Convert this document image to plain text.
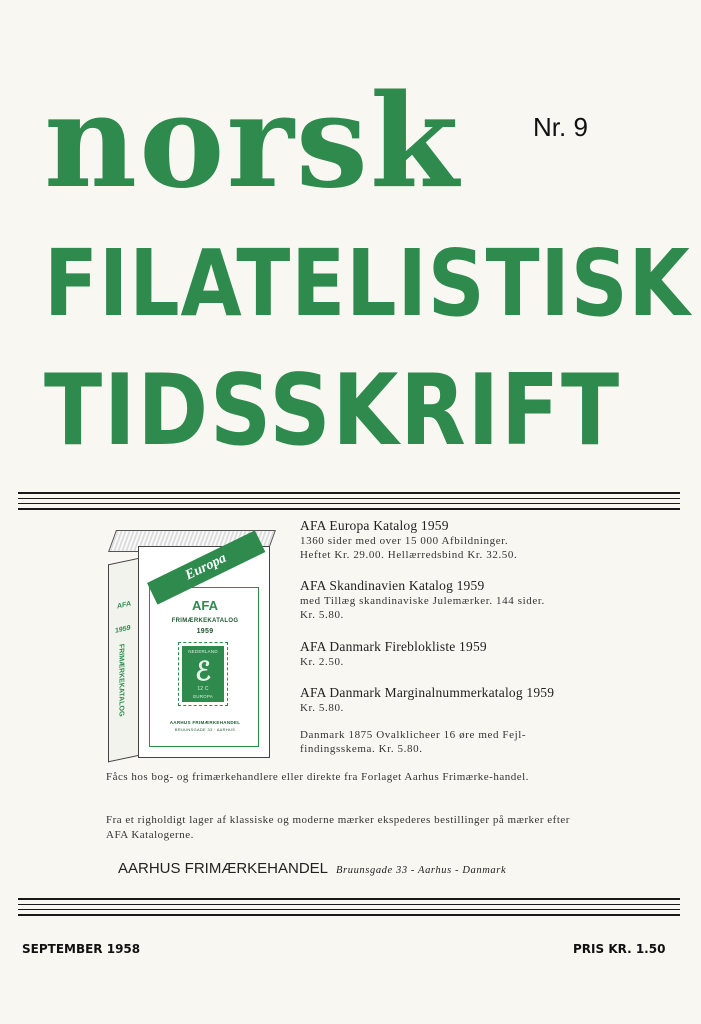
norsk	Nr. 9
FILATELISTISK
TIDSSKRIFT
AFA
1959
FRIMÆRKEKATALOG
AFA
FRIMÆRKEKATALOG
1959
NEDERLAND
ℰ
12 C
EUROPA
AARHUS FRIMÆRKEHANDEL
BRUUNSGADE 33 · AARHUS
Europa
AFA Europa Katalog 1959
1360 sider med over 15 000 Afbildninger.
Heftet Kr. 29.00. Hellærredsbind Kr. 32.50.
AFA Skandinavien Katalog 1959
med Tillæg skandinaviske Julemærker. 144 sider.
Kr. 5.80.
AFA Danmark Fireblokliste 1959
Kr. 2.50.
AFA Danmark Marginalnummerkatalog 1959
Kr. 5.80.
Danmark 1875 Ovalklicheer 16 øre med Fejl-
findingsskema. Kr. 5.80.
Fåcs hos bog- og frimærkehandlere eller direkte fra Forlaget Aarhus Frimærke-handel.
Fra et righoldigt lager af klassiske og moderne mærker ekspederes bestillinger på mærker efter AFA Katalogerne.
AARHUS FRIMÆRKEHANDEL Bruunsgade 33 - Aarhus - Danmark
SEPTEMBER 1958	PRIS KR. 1.50
